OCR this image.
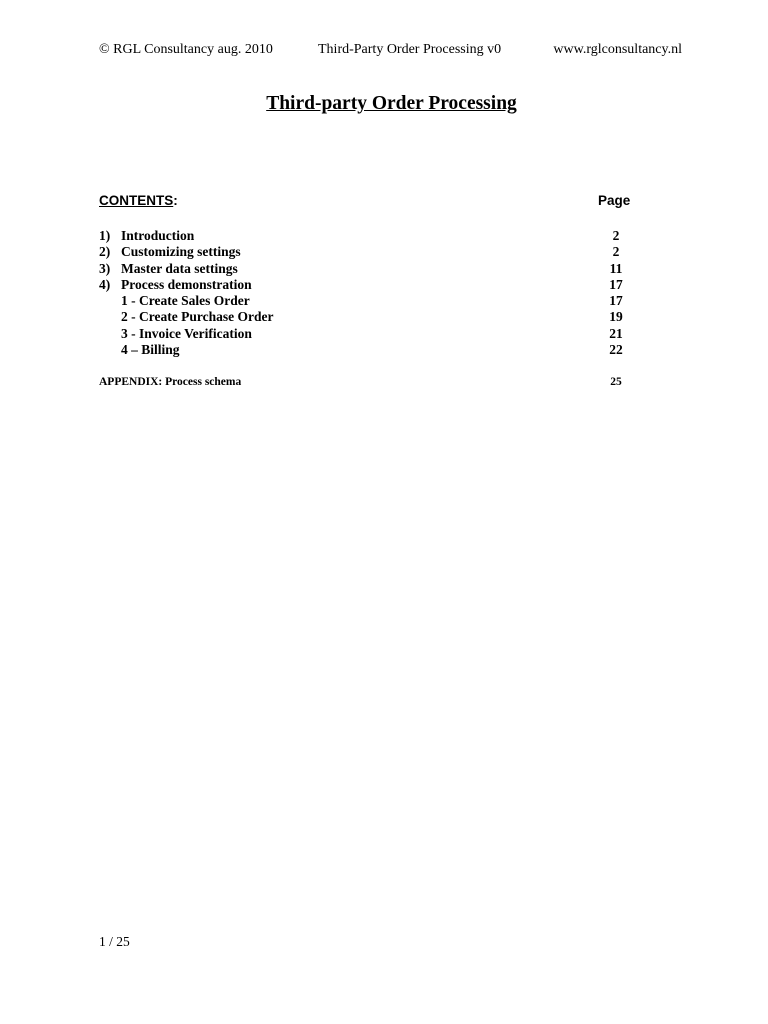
© RGL Consultancy aug. 2010	Third-Party Order Processing v0	www.rglconsultancy.nl
Third-party Order Processing
CONTENTS:	Page
1) Introduction	2
2) Customizing settings	2
3) Master data settings	11
4) Process demonstration	17
1 - Create Sales Order	17
2 - Create Purchase Order	19
3 - Invoice Verification	21
4 – Billing	22
APPENDIX: Process schema	25
1 / 25
